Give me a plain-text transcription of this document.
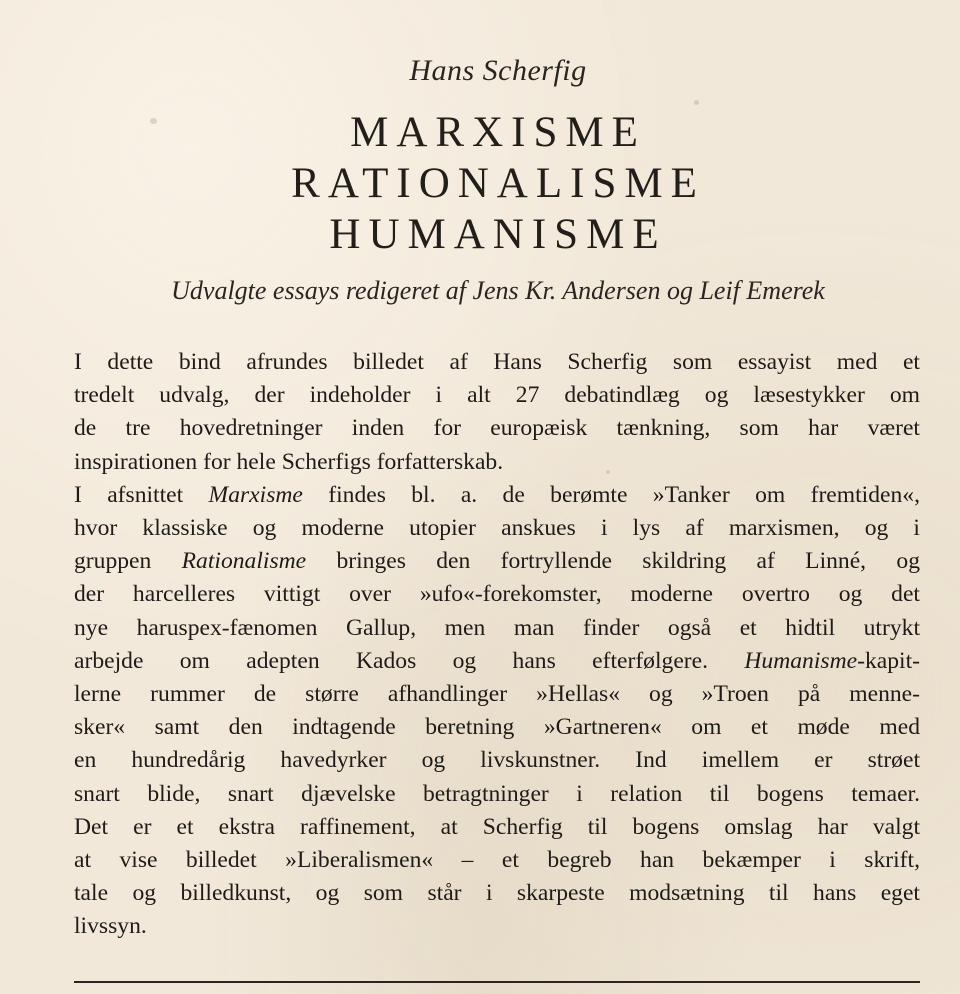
Hans Scherfig
MARXISME
RATIONALISME
HUMANISME
Udvalgte essays redigeret af Jens Kr. Andersen og Leif Emerek
I dette bind afrundes billedet af Hans Scherfig som essayist med et
tredelt udvalg, der indeholder i alt 27 debatindlæg og læsestykker om
de tre hovedretninger inden for europæisk tænkning, som har været
inspirationen for hele Scherfigs forfatterskab.
I afsnittet Marxisme findes bl. a. de berømte »Tanker om fremtiden«,
hvor klassiske og moderne utopier anskues i lys af marxismen, og i
gruppen Rationalisme bringes den fortryllende skildring af Linné, og
der harcelleres vittigt over »ufo«-forekomster, moderne overtro og det
nye haruspex-fænomen Gallup, men man finder også et hidtil utrykt
arbejde om adepten Kados og hans efterfølgere. Humanisme-kapit-
lerne rummer de større afhandlinger »Hellas« og »Troen på menne-
sker« samt den indtagende beretning »Gartneren« om et møde med
en hundredårig havedyrker og livskunstner. Ind imellem er strøet
snart blide, snart djævelske betragtninger i relation til bogens temaer.
Det er et ekstra raffinement, at Scherfig til bogens omslag har valgt
at vise billedet »Liberalismen« – et begreb han bekæmper i skrift,
tale og billedkunst, og som står i skarpeste modsætning til hans eget
livssyn.
